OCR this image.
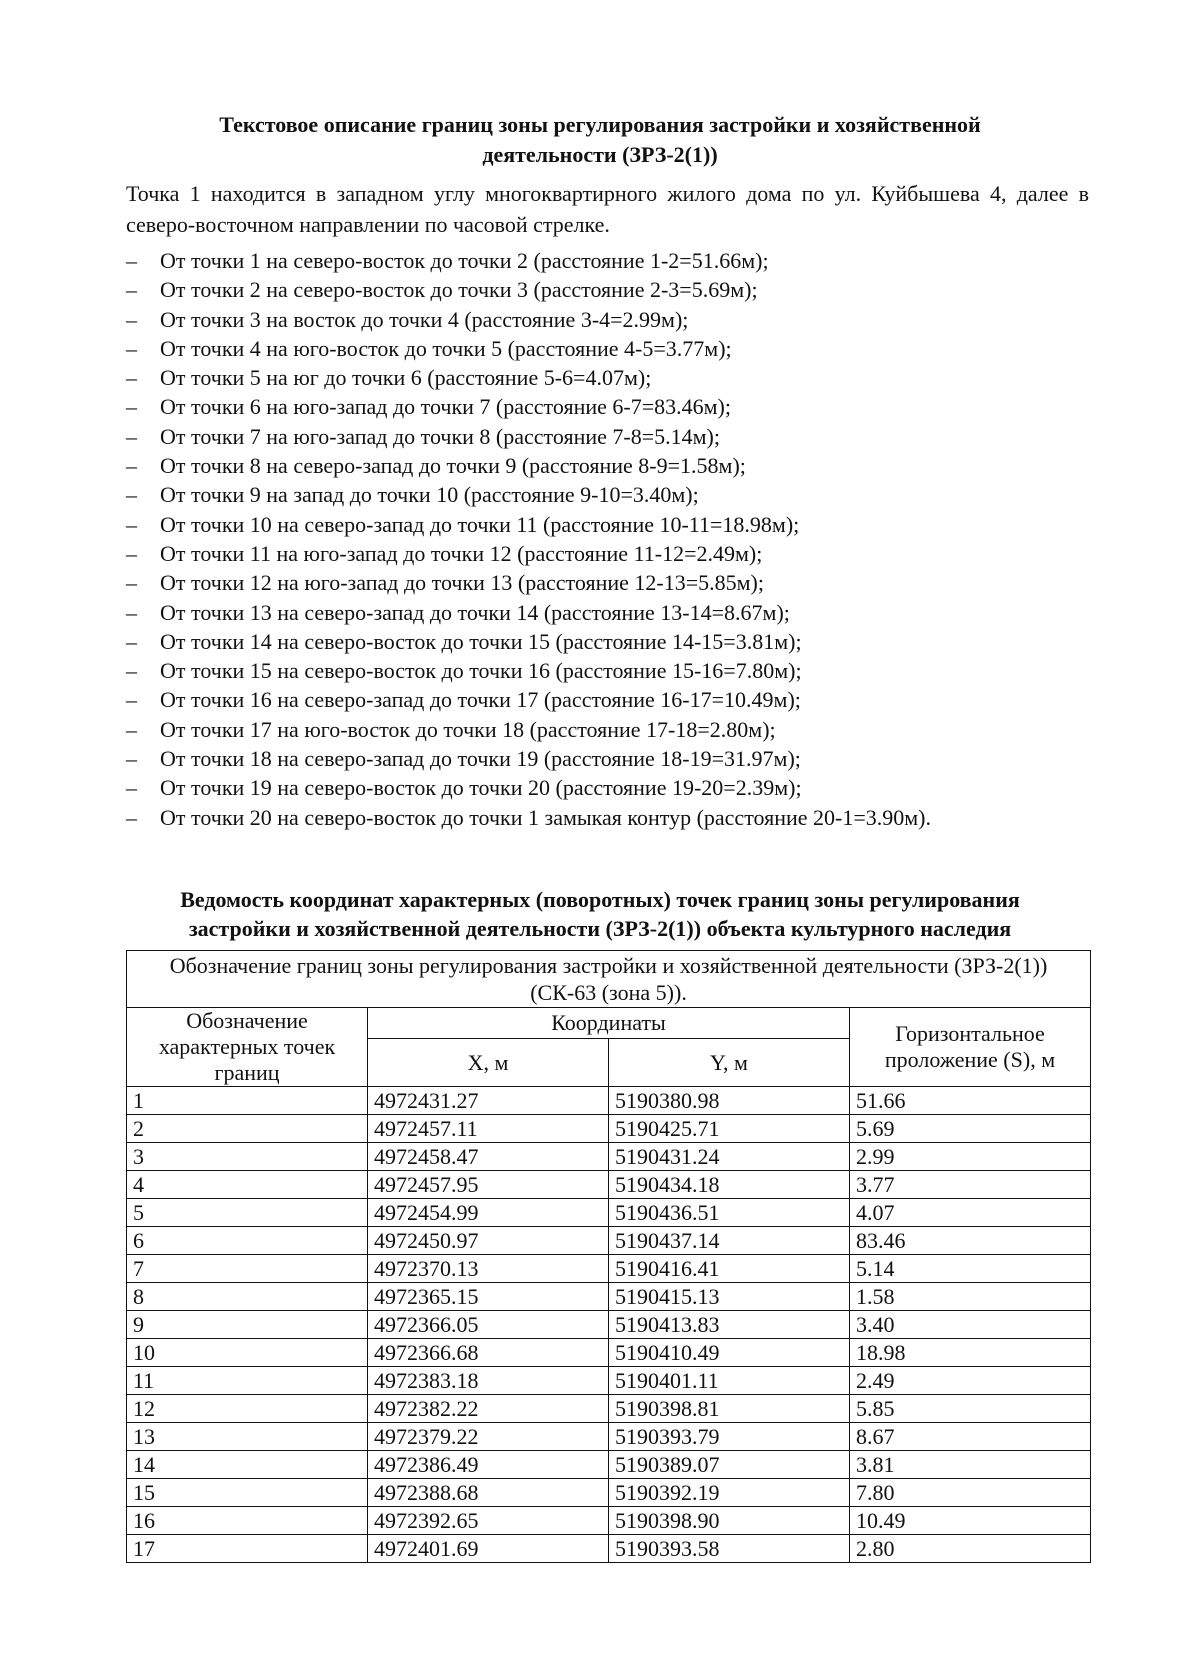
Текстовое описание границ зоны регулирования застройки и хозяйственной
деятельности (ЗРЗ-2(1))

Точка 1 находится в западном углу многоквартирного жилого дома по ул. Куйбышева 4, далее в северо-восточном направлении по часовой стрелке.

– От точки 1 на северо-восток до точки 2 (расстояние 1-2=51.66м);
– От точки 2 на северо-восток до точки 3 (расстояние 2-3=5.69м);
– От точки 3 на восток до точки 4 (расстояние 3-4=2.99м);
– От точки 4 на юго-восток до точки 5 (расстояние 4-5=3.77м);
– От точки 5 на юг до точки 6 (расстояние 5-6=4.07м);
– От точки 6 на юго-запад до точки 7 (расстояние 6-7=83.46м);
– От точки 7 на юго-запад до точки 8 (расстояние 7-8=5.14м);
– От точки 8 на северо-запад до точки 9 (расстояние 8-9=1.58м);
– От точки 9 на запад до точки 10 (расстояние 9-10=3.40м);
– От точки 10 на северо-запад до точки 11 (расстояние 10-11=18.98м);
– От точки 11 на юго-запад до точки 12 (расстояние 11-12=2.49м);
– От точки 12 на юго-запад до точки 13 (расстояние 12-13=5.85м);
– От точки 13 на северо-запад до точки 14 (расстояние 13-14=8.67м);
– От точки 14 на северо-восток до точки 15 (расстояние 14-15=3.81м);
– От точки 15 на северо-восток до точки 16 (расстояние 15-16=7.80м);
– От точки 16 на северо-запад до точки 17 (расстояние 16-17=10.49м);
– От точки 17 на юго-восток до точки 18 (расстояние 17-18=2.80м);
– От точки 18 на северо-запад до точки 19 (расстояние 18-19=31.97м);
– От точки 19 на северо-восток до точки 20 (расстояние 19-20=2.39м);
– От точки 20 на северо-восток до точки 1 замыкая контур (расстояние 20-1=3.90м).
Ведомость координат характерных (поворотных) точек границ зоны регулирования
застройки и хозяйственной деятельности (ЗРЗ-2(1)) объекта культурного наследия
Обозначение границ зоны регулирования застройки и хозяйственной деятельности (ЗРЗ-2(1)) (СК-63 (зона 5)).			
Обозначение характерных точек границ	Координаты		Горизонтальное проложение (S), м
	X, м	Y, м	
1	4972431.27	5190380.98	51.66
2	4972457.11	5190425.71	5.69
3	4972458.47	5190431.24	2.99
4	4972457.95	5190434.18	3.77
5	4972454.99	5190436.51	4.07
6	4972450.97	5190437.14	83.46
7	4972370.13	5190416.41	5.14
8	4972365.15	5190415.13	1.58
9	4972366.05	5190413.83	3.40
10	4972366.68	5190410.49	18.98
11	4972383.18	5190401.11	2.49
12	4972382.22	5190398.81	5.85
13	4972379.22	5190393.79	8.67
14	4972386.49	5190389.07	3.81
15	4972388.68	5190392.19	7.80
16	4972392.65	5190398.90	10.49
17	4972401.69	5190393.58	2.80
